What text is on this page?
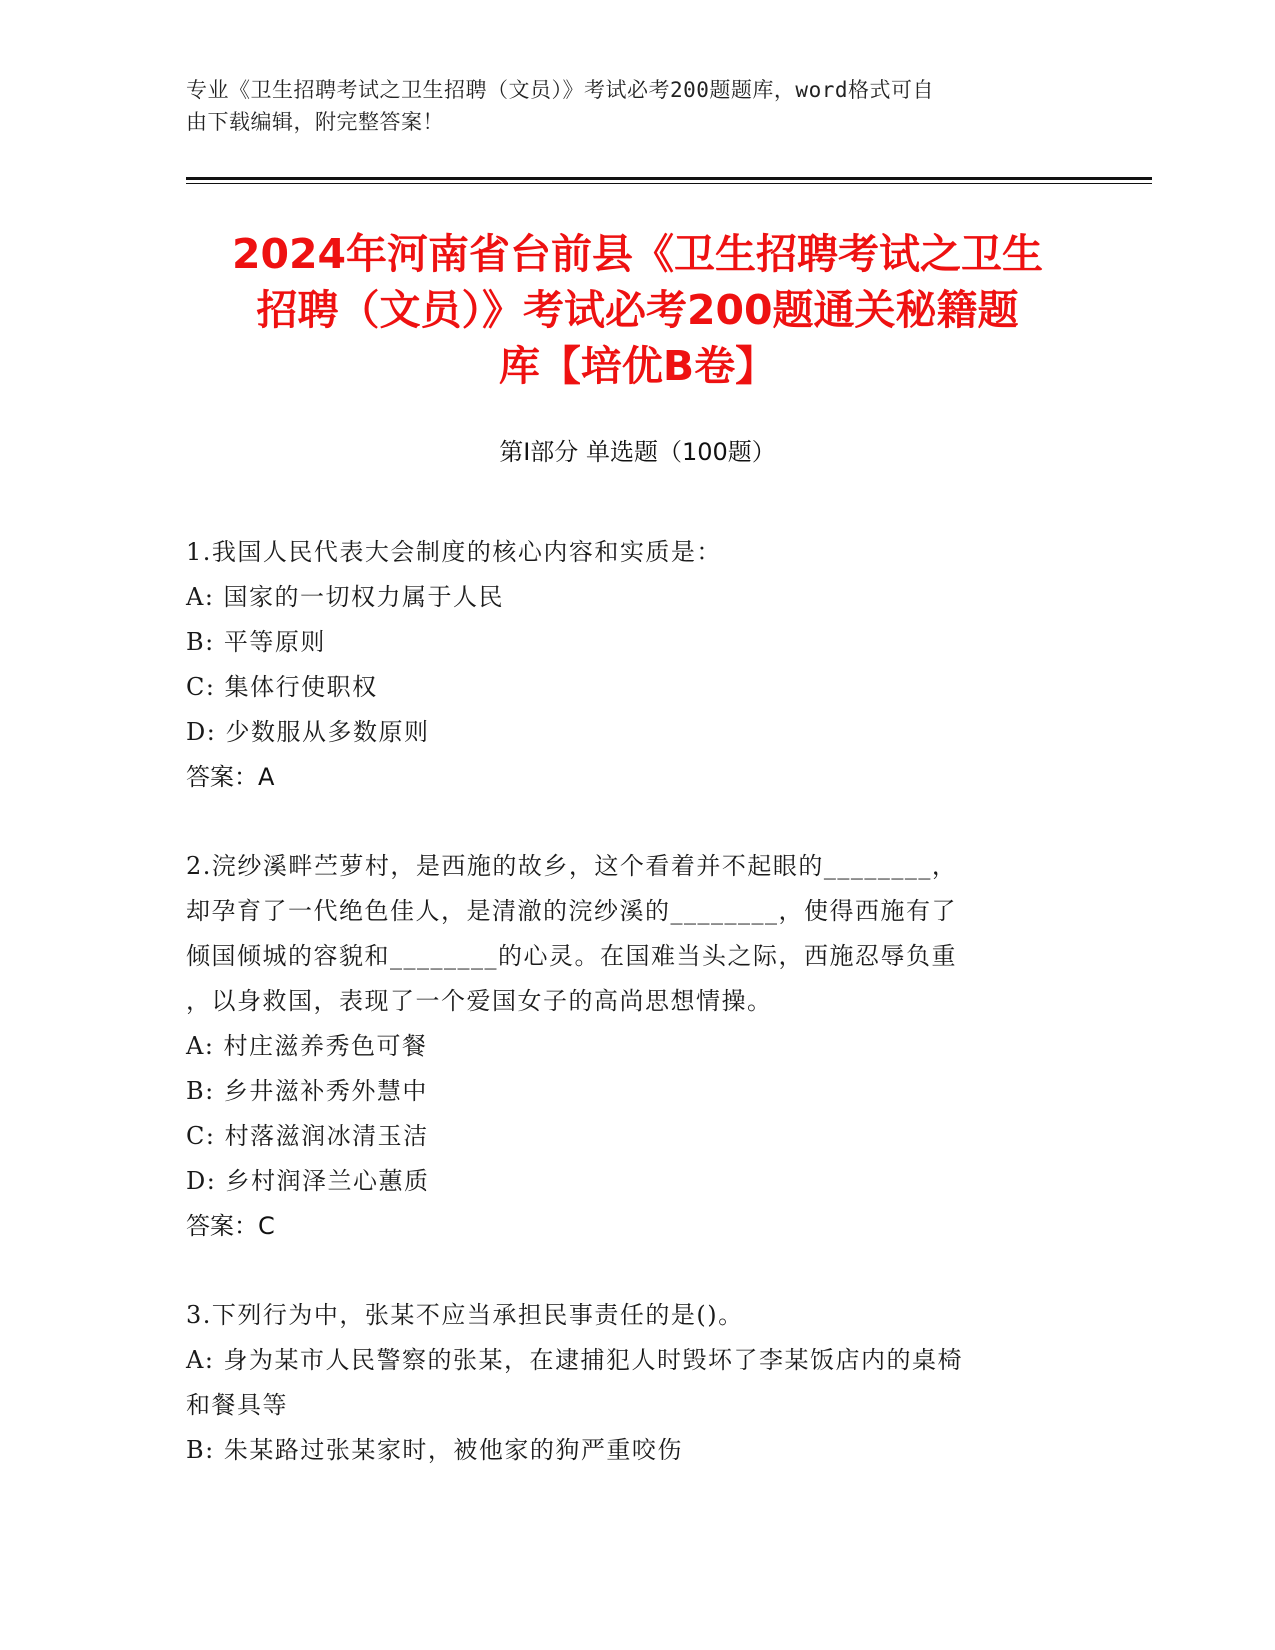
专业《卫生招聘考试之卫生招聘（文员）》考试必考200题题库，word格式可自
由下载编辑，附完整答案！
2024年河南省台前县《卫生招聘考试之卫生
招聘（文员）》考试必考200题通关秘籍题
库【培优B卷】
第Ⅰ部分 单选题（100题）

1.我国人民代表大会制度的核心内容和实质是：

A: 国家的一切权力属于人民

B: 平等原则

C: 集体行使职权

D: 少数服从多数原则

答案：A

2.浣纱溪畔苎萝村，是西施的故乡，这个看着并不起眼的________，

却孕育了一代绝色佳人，是清澈的浣纱溪的________，使得西施有了

倾国倾城的容貌和________的心灵。在国难当头之际，西施忍辱负重

，以身救国，表现了一个爱国女子的高尚思想情操。

A: 村庄滋养秀色可餐

B: 乡井滋补秀外慧中

C: 村落滋润冰清玉洁

D: 乡村润泽兰心蕙质

答案：C

3.下列行为中，张某不应当承担民事责任的是()。

A: 身为某市人民警察的张某，在逮捕犯人时毁坏了李某饭店内的桌椅

和餐具等

B: 朱某路过张某家时，被他家的狗严重咬伤
